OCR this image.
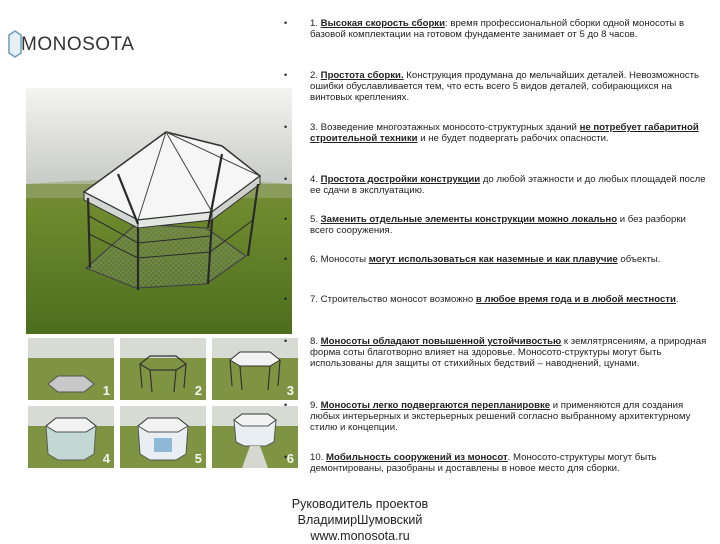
MONOSOTA
1	2	3
4	5	6
• 1. Высокая скорость сборки: время профессиональной сборки одной моносоты в базовой комплектации на готовом фундаменте занимает от 5 до 8 часов.
• 2. Простота сборки. Конструкция продумана до мельчайших деталей. Невозможность ошибки обуславливается тем, что есть всего 5 видов деталей, собирающихся на винтовых креплениях.
• 3. Возведение многоэтажных моносото-структурных зданий не потребует габаритной строительной техники и не будет подвергать рабочих опасности.
• 4. Простота достройки конструкции до любой этажности и до любых площадей после ее сдачи в эксплуатацию.
• 5. Заменить отдельные элементы конструкции можно локально и без разборки всего сооружения.
• 6. Моносоты могут использоваться как наземные и как плавучие объекты.
• 7. Строительство моносот возможно в любое время года и в любой местности.
• 8. Моносоты обладают повышенной устойчивостью к землятрясениям, а природная форма соты благотворно влияет на здоровье. Моносото-структуры могут быть использованы для защиты от стихийных бедствий – наводнений, цунами.
• 9. Моносоты легко подвергаются перепланировке и применяются для создания любых интерьерных и экстерьерных решений согласно выбранному архитектурному стилю и концепции.
• 10. Мобильность сооружений из моносот. Моносото-структуры могут быть демонтированы, разобраны и доставлены в новое место для сборки.
Руководитель проектов
ВладимирШумовский
www.monosota.ru
